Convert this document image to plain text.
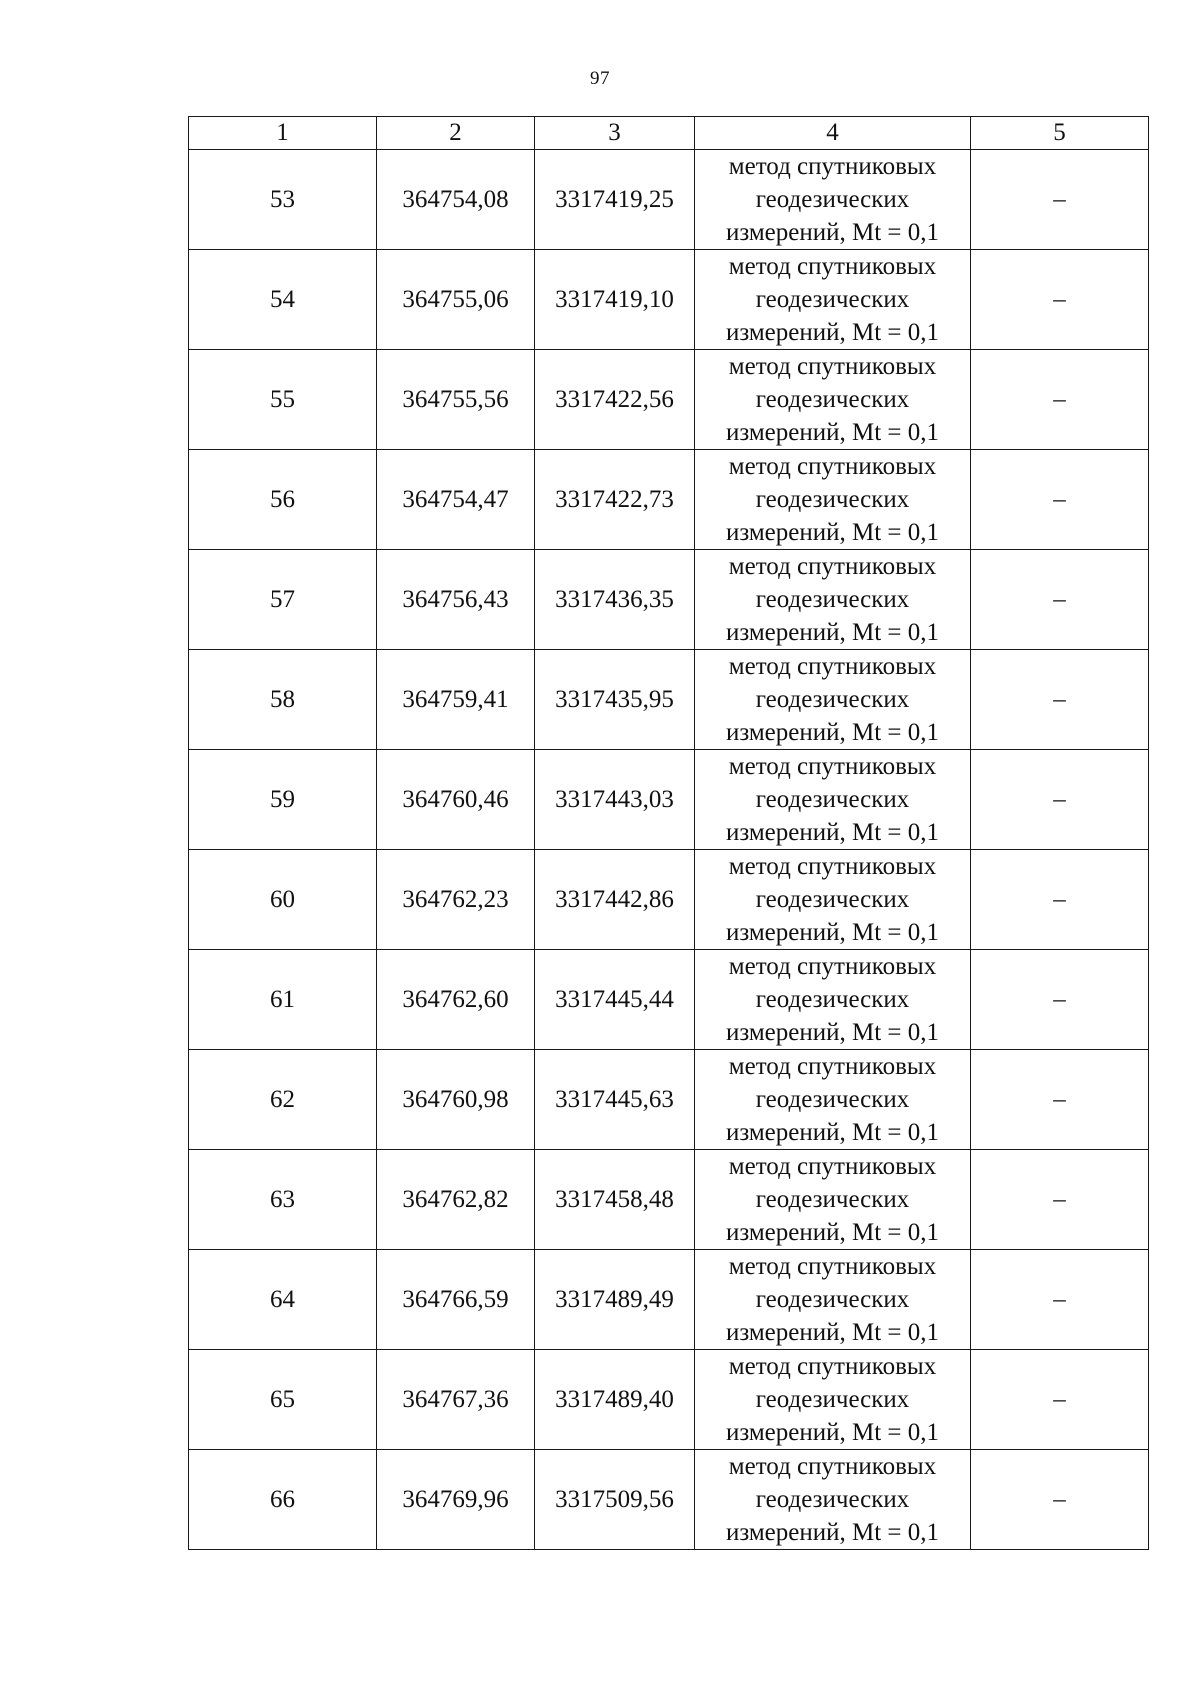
97
1	2	3	4	5
53	364754,08	3317419,25	метод спутниковых
геодезических
измерений, Mt = 0,1	–
54	364755,06	3317419,10	метод спутниковых
геодезических
измерений, Mt = 0,1	–
55	364755,56	3317422,56	метод спутниковых
геодезических
измерений, Mt = 0,1	–
56	364754,47	3317422,73	метод спутниковых
геодезических
измерений, Mt = 0,1	–
57	364756,43	3317436,35	метод спутниковых
геодезических
измерений, Mt = 0,1	–
58	364759,41	3317435,95	метод спутниковых
геодезических
измерений, Mt = 0,1	–
59	364760,46	3317443,03	метод спутниковых
геодезических
измерений, Mt = 0,1	–
60	364762,23	3317442,86	метод спутниковых
геодезических
измерений, Mt = 0,1	–
61	364762,60	3317445,44	метод спутниковых
геодезических
измерений, Mt = 0,1	–
62	364760,98	3317445,63	метод спутниковых
геодезических
измерений, Mt = 0,1	–
63	364762,82	3317458,48	метод спутниковых
геодезических
измерений, Mt = 0,1	–
64	364766,59	3317489,49	метод спутниковых
геодезических
измерений, Mt = 0,1	–
65	364767,36	3317489,40	метод спутниковых
геодезических
измерений, Mt = 0,1	–
66	364769,96	3317509,56	метод спутниковых
геодезических
измерений, Mt = 0,1	–
